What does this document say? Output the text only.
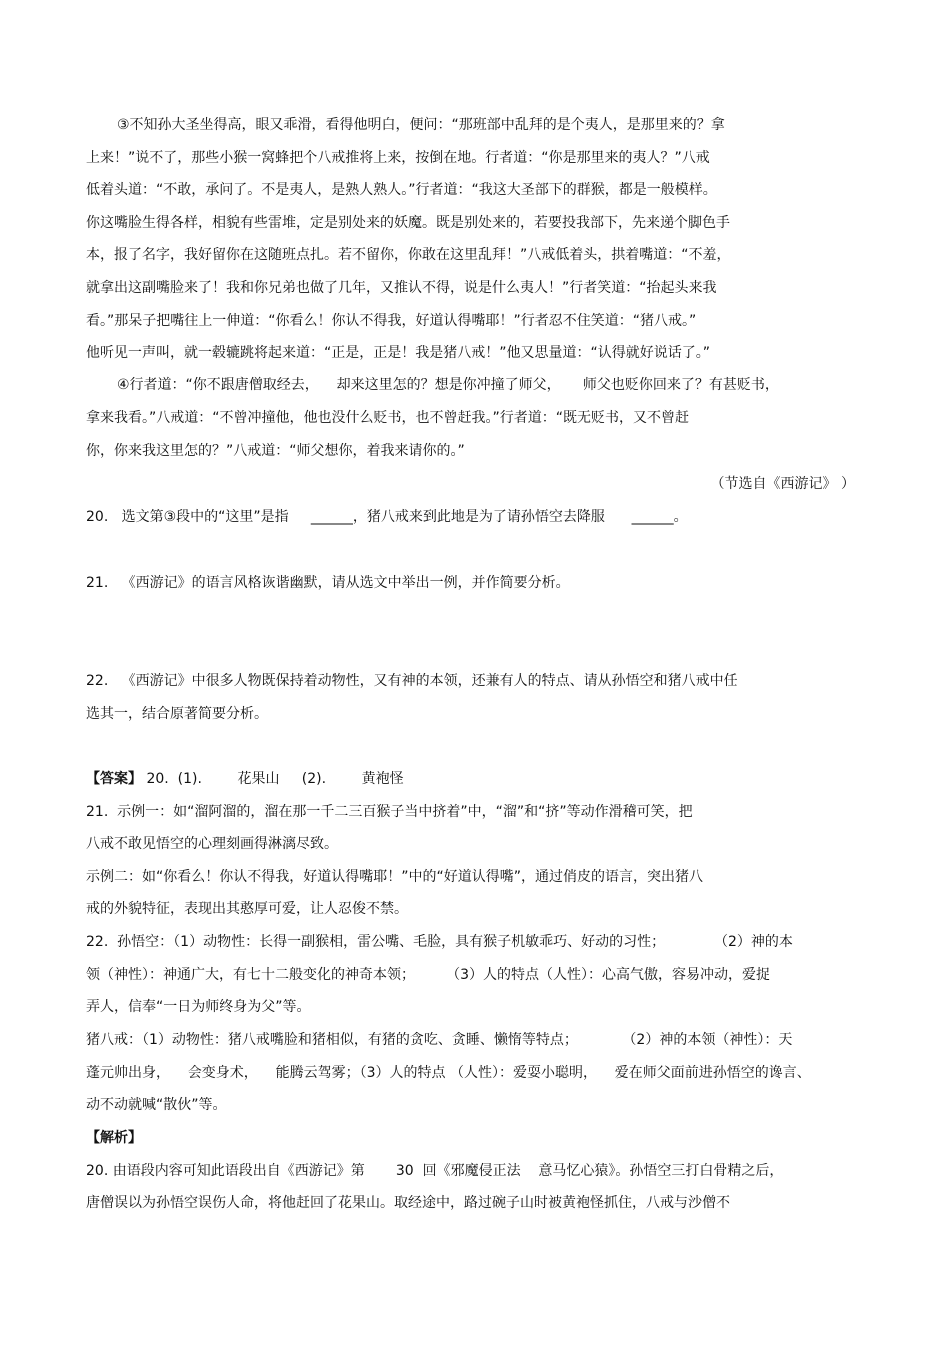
③不知孙大圣坐得高，眼又乖滑，看得他明白，便问：“那班部中乱拜的是个夷人，是那里来的？拿
上来！”说不了，那些小猴一窝蜂把个八戒推将上来，按倒在地。行者道：“你是那里来的夷人？”八戒
低着头道：“不敢，承问了。不是夷人，是熟人熟人。”行者道：“我这大圣部下的群猴，都是一般模样。
你这嘴脸生得各样，相貌有些雷堆，定是别处来的妖魔。既是别处来的，若要投我部下，先来递个脚色手
本，报了名字，我好留你在这随班点扎。若不留你，你敢在这里乱拜！”八戒低着头，拱着嘴道：“不羞，
就拿出这副嘴脸来了！我和你兄弟也做了几年，又推认不得，说是什么夷人！”行者笑道：“抬起头来我
看。”那呆子把嘴往上一伸道：“你看么！你认不得我，好道认得嘴耶！”行者忍不住笑道：“猪八戒。”
他听见一声叫，就一毂辘跳将起来道：“正是，正是！我是猪八戒！”他又思量道：“认得就好说话了。”
④行者道：“你不跟唐僧取经去，    却来这里怎的？想是你冲撞了师父，     师父也贬你回来了？有甚贬书，
拿来我看。”八戒道：“不曾冲撞他，他也没什么贬书，也不曾赶我。”行者道：“既无贬书，又不曾赶
你，你来我这里怎的？”八戒道：“师父想你，着我来请你的。”
（节选自《西游记》 ）
20.   选文第③段中的“这里”是指     ______，猪八戒来到此地是为了请孙悟空去降服      ______。
21.   《西游记》的语言风格诙谐幽默，请从选文中举出一例，并作简要分析。
22.   《西游记》中很多人物既保持着动物性，又有神的本领，还兼有人的特点、请从孙悟空和猪八戒中任
选其一，结合原著简要分析。
【答案】 20.  (1).        花果山     (2).        黄袍怪
21.  示例一：如“溜阿溜的，溜在那一千二三百猴子当中挤着”中，“溜”和“挤”等动作滑稽可笑，把
八戒不敢见悟空的心理刻画得淋漓尽致。
示例二：如“你看么！你认不得我，好道认得嘴耶！”中的“好道认得嘴”，通过俏皮的语言，突出猪八
戒的外貌特征，表现出其憨厚可爱，让人忍俊不禁。
22.  孙悟空：（1）动物性：长得一副猴相，雷公嘴、毛脸，具有猴子机敏乖巧、好动的习性；           （2）神的本
领（神性）：神通广大，有七十二般变化的神奇本领；       （3）人的特点（人性）：心高气傲，容易冲动，爱捉
弄人，信奉“一日为师终身为父”等。
猪八戒：（1）动物性：猪八戒嘴脸和猪相似，有猪的贪吃、贪睡、懒惰等特点；          （2）神的本领（神性）：天
蓬元帅出身，    会变身术，    能腾云驾雾；（3）人的特点 （人性）：爱耍小聪明，    爱在师父面前进孙悟空的谗言、
动不动就喊“散伙”等。
【解析】
20. 由语段内容可知此语段出自《西游记》第       30  回《邪魔侵正法    意马忆心猿》。孙悟空三打白骨精之后，
唐僧误以为孙悟空误伤人命，将他赶回了花果山。取经途中，路过碗子山时被黄袍怪抓住，八戒与沙僧不
